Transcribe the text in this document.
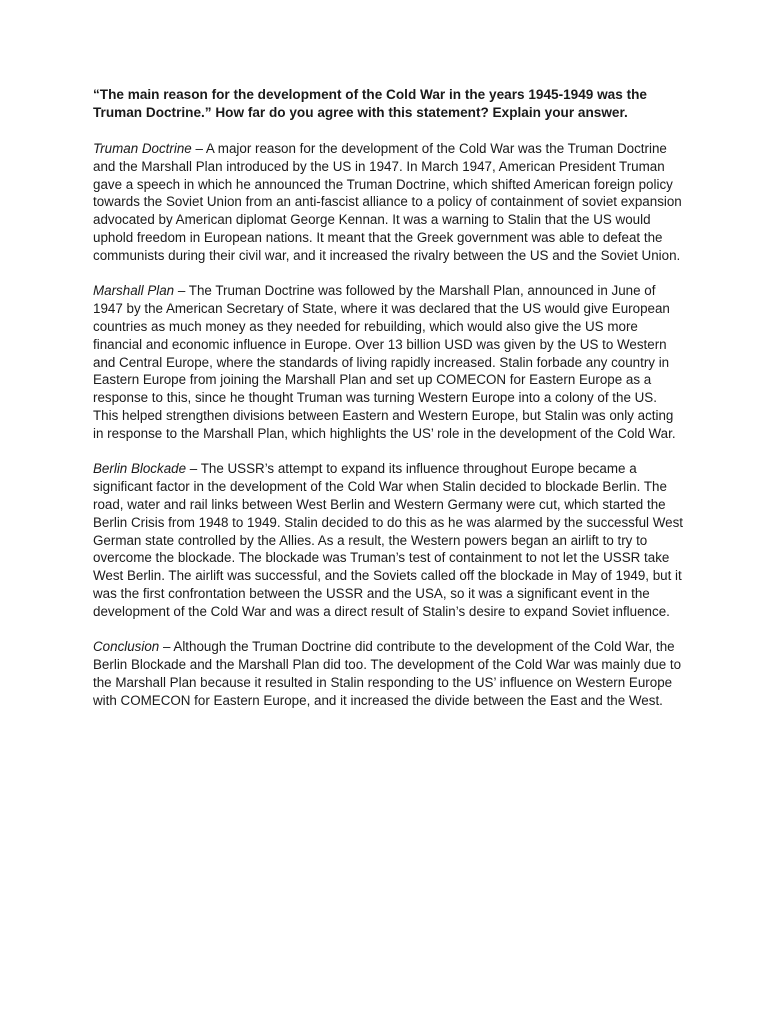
“The main reason for the development of the Cold War in the years 1945-1949 was the Truman Doctrine.” How far do you agree with this statement? Explain your answer.

Truman Doctrine – A major reason for the development of the Cold War was the Truman Doctrine and the Marshall Plan introduced by the US in 1947. In March 1947, American President Truman gave a speech in which he announced the Truman Doctrine, which shifted American foreign policy towards the Soviet Union from an anti-fascist alliance to a policy of containment of soviet expansion advocated by American diplomat George Kennan. It was a warning to Stalin that the US would uphold freedom in European nations. It meant that the Greek government was able to defeat the communists during their civil war, and it increased the rivalry between the US and the Soviet Union.

Marshall Plan – The Truman Doctrine was followed by the Marshall Plan, announced in June of 1947 by the American Secretary of State, where it was declared that the US would give European countries as much money as they needed for rebuilding, which would also give the US more financial and economic influence in Europe. Over 13 billion USD was given by the US to Western and Central Europe, where the standards of living rapidly increased. Stalin forbade any country in Eastern Europe from joining the Marshall Plan and set up COMECON for Eastern Europe as a response to this, since he thought Truman was turning Western Europe into a colony of the US. This helped strengthen divisions between Eastern and Western Europe, but Stalin was only acting in response to the Marshall Plan, which highlights the US’ role in the development of the Cold War.

Berlin Blockade – The USSR’s attempt to expand its influence throughout Europe became a significant factor in the development of the Cold War when Stalin decided to blockade Berlin. The road, water and rail links between West Berlin and Western Germany were cut, which started the Berlin Crisis from 1948 to 1949. Stalin decided to do this as he was alarmed by the successful West German state controlled by the Allies. As a result, the Western powers began an airlift to try to overcome the blockade. The blockade was Truman’s test of containment to not let the USSR take West Berlin. The airlift was successful, and the Soviets called off the blockade in May of 1949, but it was the first confrontation between the USSR and the USA, so it was a significant event in the development of the Cold War and was a direct result of Stalin’s desire to expand Soviet influence.

Conclusion – Although the Truman Doctrine did contribute to the development of the Cold War, the Berlin Blockade and the Marshall Plan did too. The development of the Cold War was mainly due to the Marshall Plan because it resulted in Stalin responding to the US’ influence on Western Europe with COMECON for Eastern Europe, and it increased the divide between the East and the West.
